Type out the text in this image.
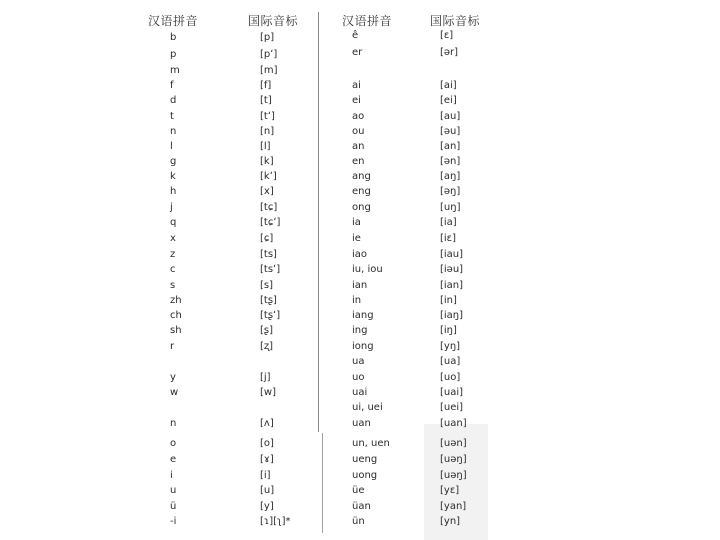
汉语拼音	国际音标	汉语拼音	国际音标
b	[p]
p	[pʻ]
m	[m]
f	[f]
d	[t]
t	[tʻ]
n	[n]
l	[l]
g	[k]
k	[kʻ]
h	[x]
j	[tɕ]
q	[tɕʻ]
x	[ɕ]
z	[ts]
c	[tsʻ]
s	[s]
zh	[tʂ]
ch	[tʂʻ]
sh	[ʂ]
r	[ʐ]
y	[j]
w	[w]
n	[ʌ]
o	[o]
e	[ɤ]
i	[i]
u	[u]
ü	[y]
-i	[ɿ][ʅ]*
ê	[ɛ]
er	[ər]
ai	[ai]
ei	[ei]
ao	[au]
ou	[əu]
an	[an]
en	[ən]
ang	[aŋ]
eng	[əŋ]
ong	[uŋ]
ia	[ia]
ie	[iɛ]
iao	[iau]
iu, iou	[iəu]
ian	[ian]
in	[in]
iang	[iaŋ]
ing	[iŋ]
iong	[yŋ]
ua	[ua]
uo	[uo]
uai	[uai]
ui, uei	[uei]
uan	[uan]
un, uen	[uən]
ueng	[uəŋ]
uong	[uəŋ]
üe	[yɛ]
üan	[yan]
ün	[yn]
